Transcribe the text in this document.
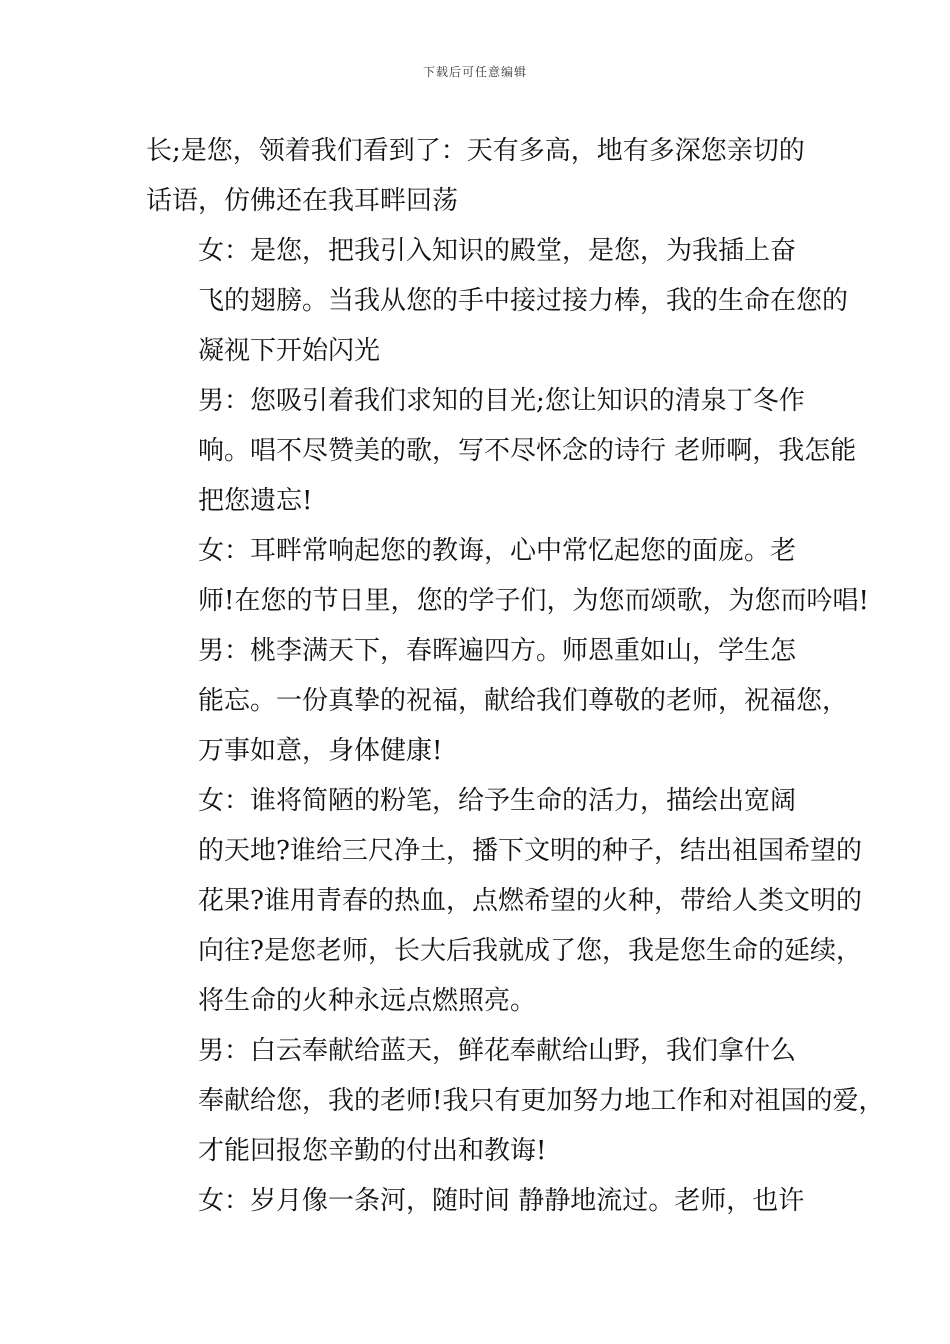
下载后可任意编辑

长;是您，领着我们看到了：天有多高，地有多深您亲切的
话语，仿佛还在我耳畔回荡

女：是您，把我引入知识的殿堂，是您，为我插上奋
飞的翅膀。当我从您的手中接过接力棒，我的生命在您的
凝视下开始闪光

男：您吸引着我们求知的目光;您让知识的清泉丁冬作
响。唱不尽赞美的歌，写不尽怀念的诗行 老师啊，我怎能
把您遗忘!

女：耳畔常响起您的教诲，心中常忆起您的面庞。老
师!在您的节日里，您的学子们，为您而颂歌，为您而吟唱!

男：桃李满天下，春晖遍四方。师恩重如山，学生怎
能忘。一份真挚的祝福，献给我们尊敬的老师，祝福您，
万事如意，身体健康!

女：谁将简陋的粉笔，给予生命的活力，描绘出宽阔
的天地?谁给三尺净土，播下文明的种子，结出祖国希望的
花果?谁用青春的热血，点燃希望的火种，带给人类文明的
向往?是您老师，长大后我就成了您，我是您生命的延续，
将生命的火种永远点燃照亮。

男：白云奉献给蓝天，鲜花奉献给山野，我们拿什么
奉献给您，我的老师!我只有更加努力地工作和对祖国的爱，
才能回报您辛勤的付出和教诲!

女：岁月像一条河，随时间 静静地流过。老师，也许
